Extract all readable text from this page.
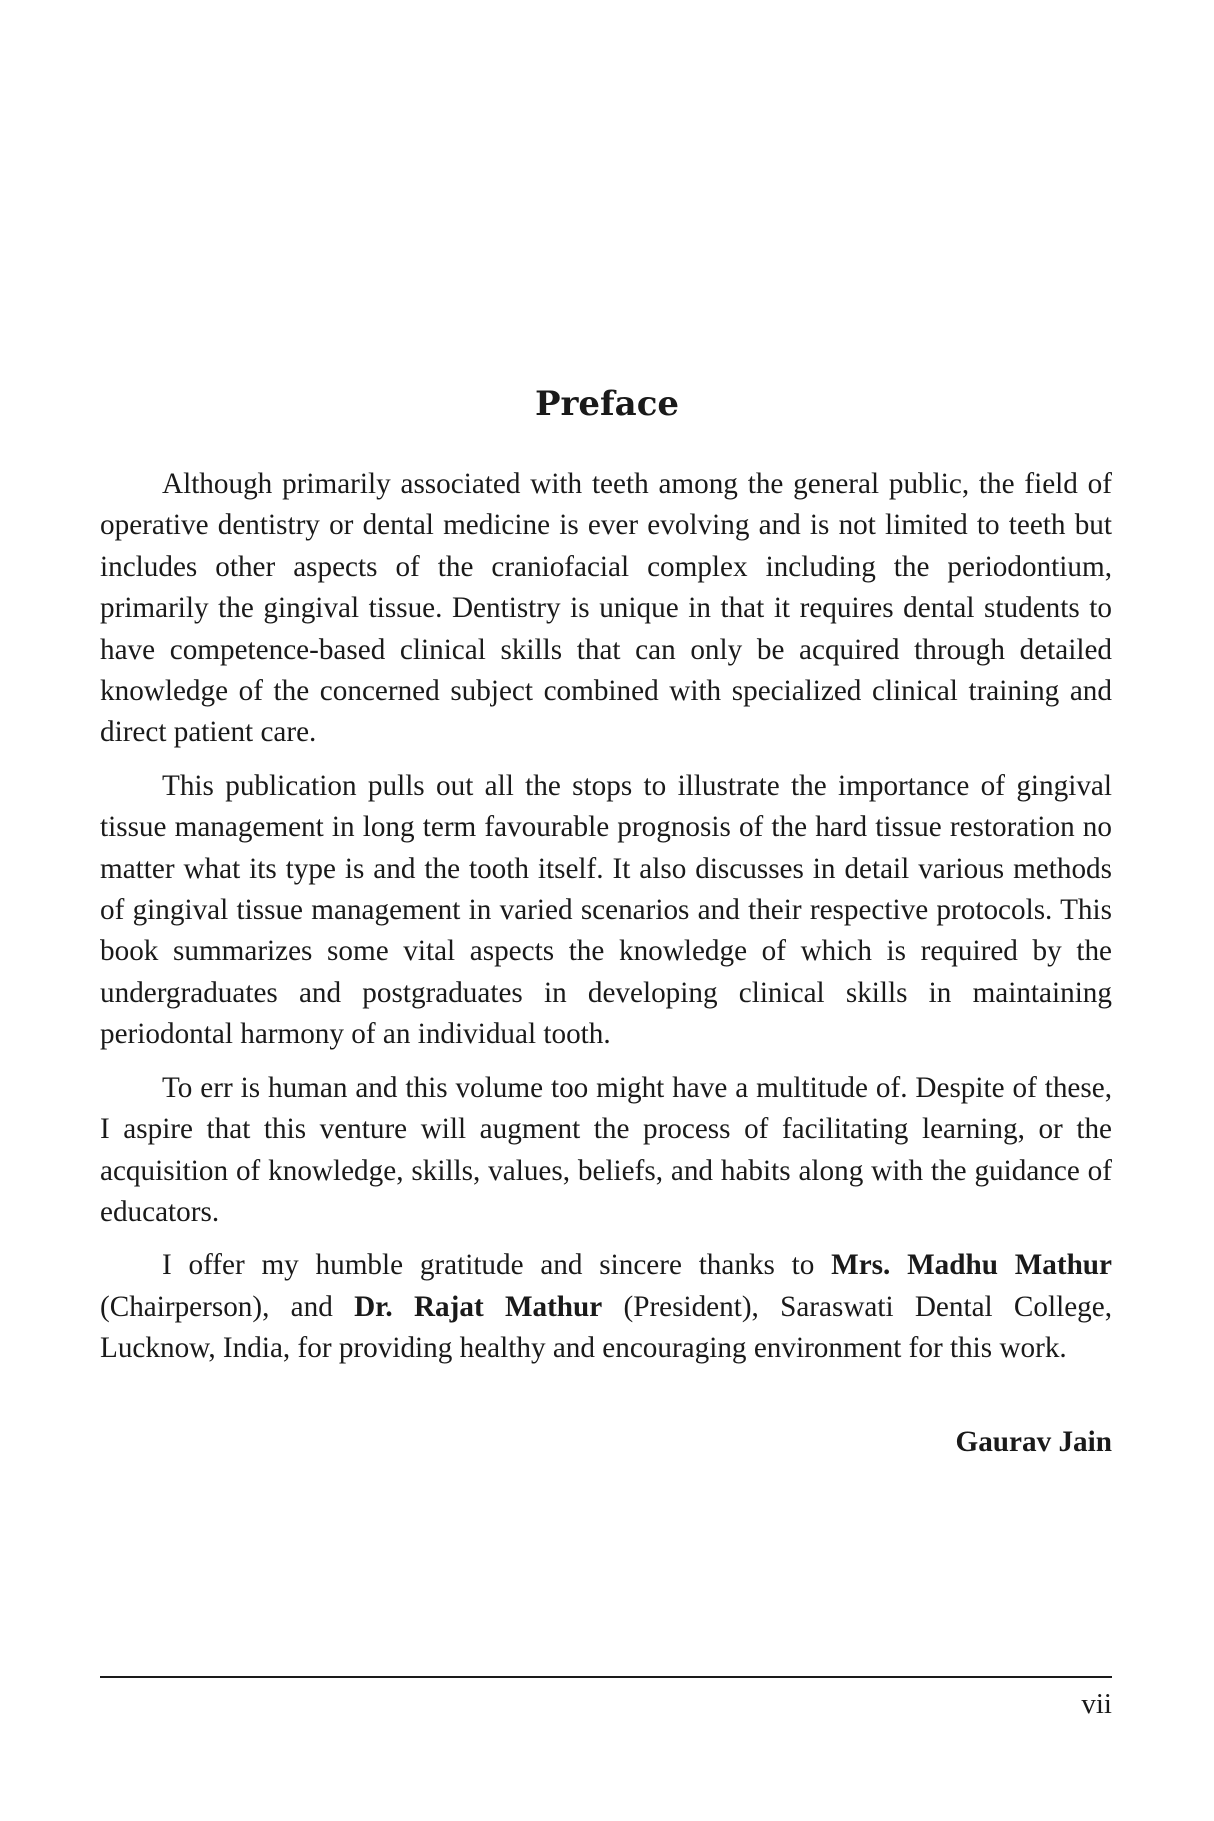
Preface

Although primarily associated with teeth among the general public, the field of operative dentistry or dental medicine is ever evolving and is not limited to teeth but includes other aspects of the craniofacial complex including the periodontium, primarily the gingival tissue. Dentistry is unique in that it requires dental students to have competence-based clinical skills that can only be acquired through detailed knowledge of the concerned subject combined with specialized clinical training and direct patient care.

This publication pulls out all the stops to illustrate the importance of gingival tissue management in long term favourable prognosis of the hard tissue restoration no matter what its type is and the tooth itself. It also discusses in detail various methods of gingival tissue management in varied scenarios and their respective protocols. This book summarizes some vital aspects the knowledge of which is required by the undergraduates and postgraduates in developing clinical skills in maintaining periodontal harmony of an individual tooth.

To err is human and this volume too might have a multitude of. Despite of these, I aspire that this venture will augment the process of facilitating learning, or the acquisition of knowledge, skills, values, beliefs, and habits along with the guidance of educators.

I offer my humble gratitude and sincere thanks to Mrs. Madhu Mathur (Chairperson), and Dr. Rajat Mathur (President), Saraswati Dental College, Lucknow, India, for providing healthy and encouraging environment for this work.

Gaurav Jain
vii
